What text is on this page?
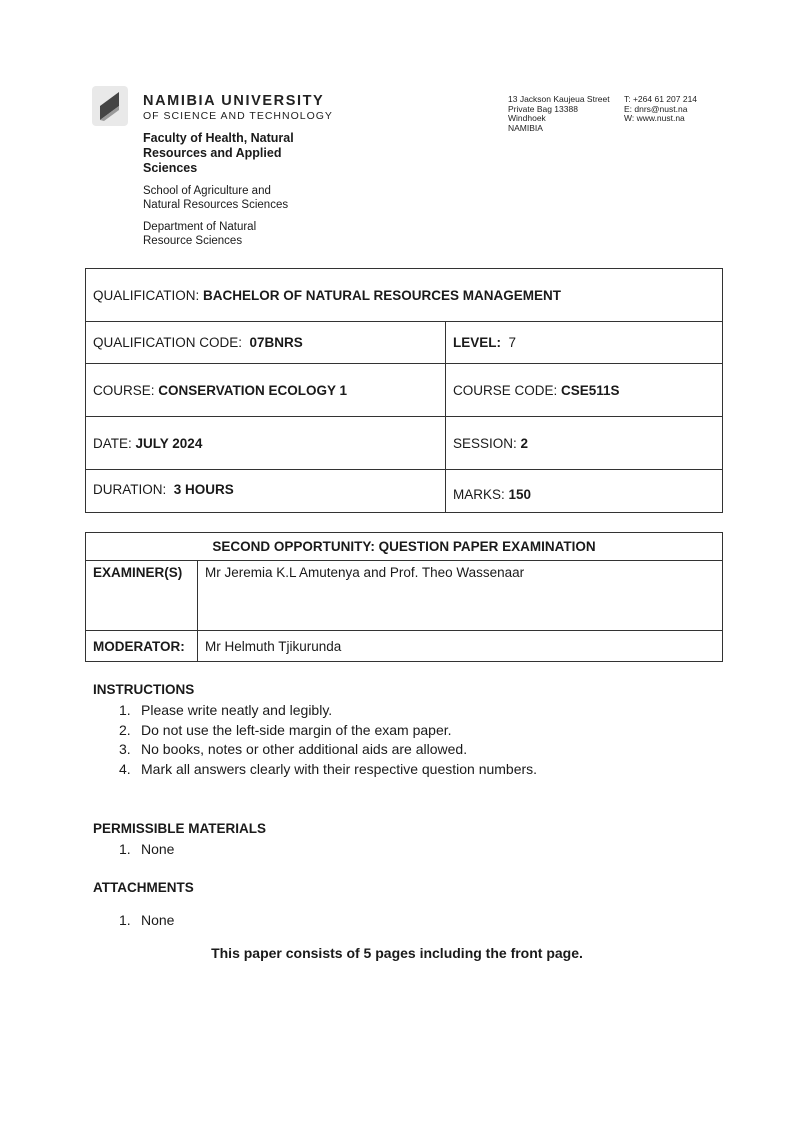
NAMIBIA UNIVERSITY
OF SCIENCE AND TECHNOLOGY
Faculty of Health, Natural
Resources and Applied
Sciences
School of Agriculture and
Natural Resources Sciences
Department of Natural
Resource Sciences
13 Jackson Kaujeua Street
Private Bag 13388
Windhoek
NAMIBIA
T: +264 61 207 214
E: dnrs@nust.na
W: www.nust.na
QUALIFICATION: BACHELOR OF NATURAL RESOURCES MANAGEMENT	
QUALIFICATION CODE:  07BNRS	LEVEL:  7
COURSE: CONSERVATION ECOLOGY 1	COURSE CODE: CSE511S
DATE: JULY 2024	SESSION: 2
DURATION:  3 HOURS	MARKS: 150
SECOND OPPORTUNITY: QUESTION PAPER EXAMINATION	
EXAMINER(S)	Mr Jeremia K.L Amutenya and Prof. Theo Wassenaar
MODERATOR:	Mr Helmuth Tjikurunda
INSTRUCTIONS
1. Please write neatly and legibly.
2. Do not use the left-side margin of the exam paper.
3. No books, notes or other additional aids are allowed.
4. Mark all answers clearly with their respective question numbers.
PERMISSIBLE MATERIALS
1. None
ATTACHMENTS
1. None
This paper consists of 5 pages including the front page.
